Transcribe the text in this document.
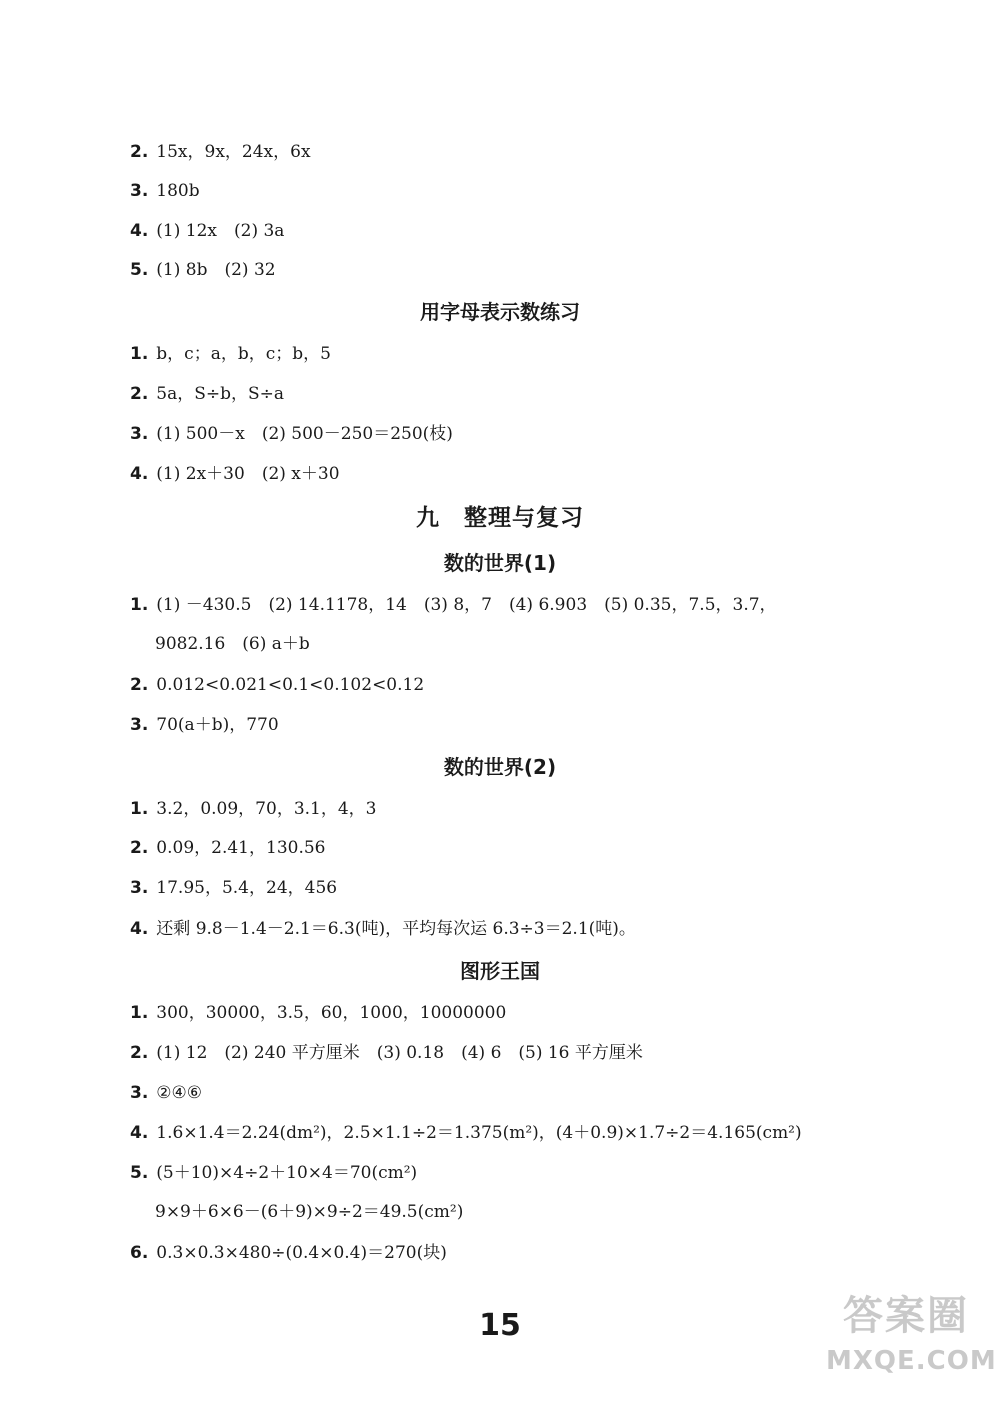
2. 15x，9x，24x，6x
3. 180b
4. (1) 12x　(2) 3a
5. (1) 8b　(2) 32
用字母表示数练习
1. b，c；a，b，c；b，5
2. 5a，S÷b，S÷a
3. (1) 500－x　(2) 500－250＝250(枝)
4. (1) 2x＋30　(2) x＋30
九　整理与复习
数的世界(1)
1. (1) －430.5　(2) 14.1178，14　(3) 8，7　(4) 6.903　(5) 0.35，7.5，3.7，
9082.16　(6) a＋b
2. 0.012<0.021<0.1<0.102<0.12
3. 70(a＋b)，770
数的世界(2)
1. 3.2，0.09，70，3.1，4，3
2. 0.09，2.41，130.56
3. 17.95，5.4，24，456
4. 还剩 9.8－1.4－2.1＝6.3(吨)，平均每次运 6.3÷3＝2.1(吨)。
图形王国
1. 300，30000，3.5，60，1000，10000000
2. (1) 12　(2) 240 平方厘米　(3) 0.18　(4) 6　(5) 16 平方厘米
3. ②④⑥
4. 1.6×1.4＝2.24(dm²)，2.5×1.1÷2＝1.375(m²)，(4＋0.9)×1.7÷2＝4.165(cm²)
5. (5＋10)×4÷2＋10×4＝70(cm²)
9×9＋6×6－(6＋9)×9÷2＝49.5(cm²)
6. 0.3×0.3×480÷(0.4×0.4)＝270(块)
15	答案圈
MXQE.COM
